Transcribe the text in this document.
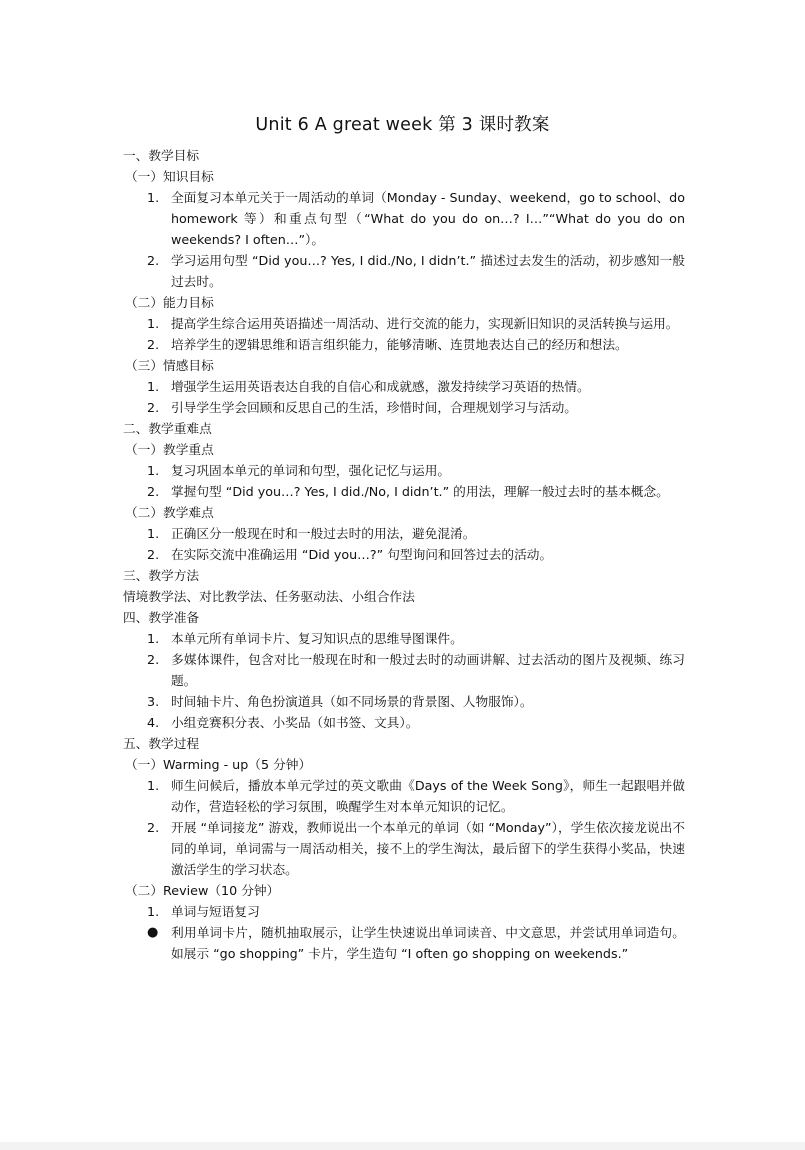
Unit 6 A great week 第 3 课时教案
一、教学目标
（一）知识目标
1. 全面复习本单元关于一周活动的单词（Monday - Sunday、weekend，go to school、do homework 等）和重点句型（“What do you do on…? I…”“What do you do on weekends? I often…”）。
2. 学习运用句型 “Did you…? Yes, I did./No, I didn’t.” 描述过去发生的活动，初步感知一般过去时。
（二）能力目标
1. 提高学生综合运用英语描述一周活动、进行交流的能力，实现新旧知识的灵活转换与运用。
2. 培养学生的逻辑思维和语言组织能力，能够清晰、连贯地表达自己的经历和想法。
（三）情感目标
1. 增强学生运用英语表达自我的自信心和成就感，激发持续学习英语的热情。
2. 引导学生学会回顾和反思自己的生活，珍惜时间，合理规划学习与活动。
二、教学重难点
（一）教学重点
1. 复习巩固本单元的单词和句型，强化记忆与运用。
2. 掌握句型 “Did you…? Yes, I did./No, I didn’t.” 的用法，理解一般过去时的基本概念。
（二）教学难点
1. 正确区分一般现在时和一般过去时的用法，避免混淆。
2. 在实际交流中准确运用 “Did you…?” 句型询问和回答过去的活动。
三、教学方法
情境教学法、对比教学法、任务驱动法、小组合作法
四、教学准备
1. 本单元所有单词卡片、复习知识点的思维导图课件。
2. 多媒体课件，包含对比一般现在时和一般过去时的动画讲解、过去活动的图片及视频、练习题。
3. 时间轴卡片、角色扮演道具（如不同场景的背景图、人物服饰）。
4. 小组竞赛积分表、小奖品（如书签、文具）。
五、教学过程
（一）Warming - up（5 分钟）
1. 师生问候后，播放本单元学过的英文歌曲《Days of the Week Song》，师生一起跟唱并做动作，营造轻松的学习氛围，唤醒学生对本单元知识的记忆。
2. 开展 “单词接龙” 游戏，教师说出一个本单元的单词（如 “Monday”），学生依次接龙说出不同的单词，单词需与一周活动相关，接不上的学生淘汰，最后留下的学生获得小奖品，快速激活学生的学习状态。
（二）Review（10 分钟）
1. 单词与短语复习
● 利用单词卡片，随机抽取展示，让学生快速说出单词读音、中文意思，并尝试用单词造句。如展示 “go shopping” 卡片，学生造句 “I often go shopping on weekends.”
